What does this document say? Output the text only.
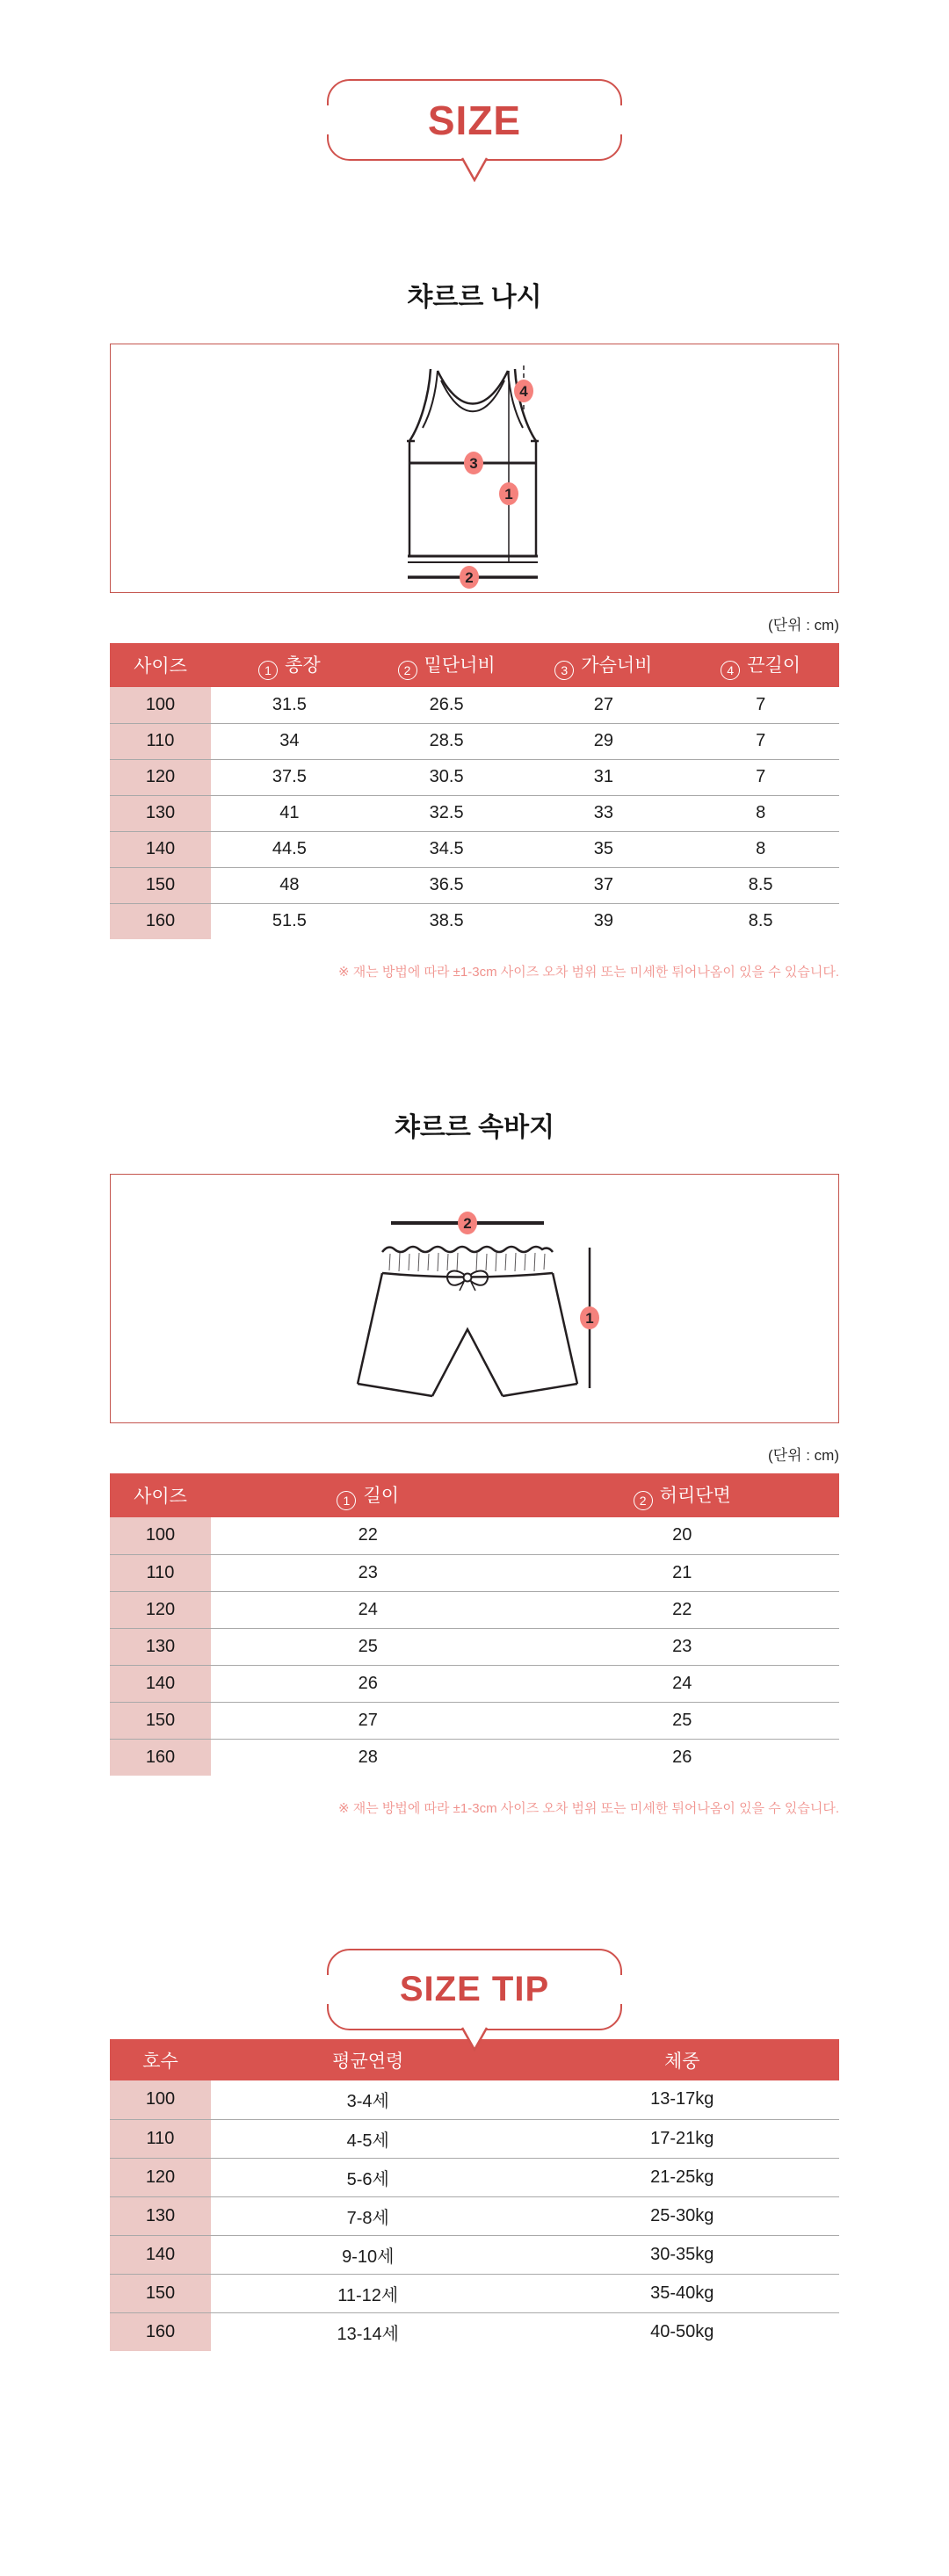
SIZE
챠르르 나시
4
3
1
2
(단위 : cm)
사이즈	1 총장	2 밑단너비	3 가슴너비	4 끈길이
100	31.5	26.5	27	7
110	34	28.5	29	7
120	37.5	30.5	31	7
130	41	32.5	33	8
140	44.5	34.5	35	8
150	48	36.5	37	8.5
160	51.5	38.5	39	8.5
※ 재는 방법에 따라 ±1-3cm 사이즈 오차 범위 또는 미세한 튀어나옴이 있을 수 있습니다.
챠르르 속바지
2
1
(단위 : cm)
사이즈	1 길이	2 허리단면
100	22	20
110	23	21
120	24	22
130	25	23
140	26	24
150	27	25
160	28	26
※ 재는 방법에 따라 ±1-3cm 사이즈 오차 범위 또는 미세한 튀어나옴이 있을 수 있습니다.
SIZE TIP
호수	평균연령	체중
100	3-4세	13-17kg
110	4-5세	17-21kg
120	5-6세	21-25kg
130	7-8세	25-30kg
140	9-10세	30-35kg
150	11-12세	35-40kg
160	13-14세	40-50kg
